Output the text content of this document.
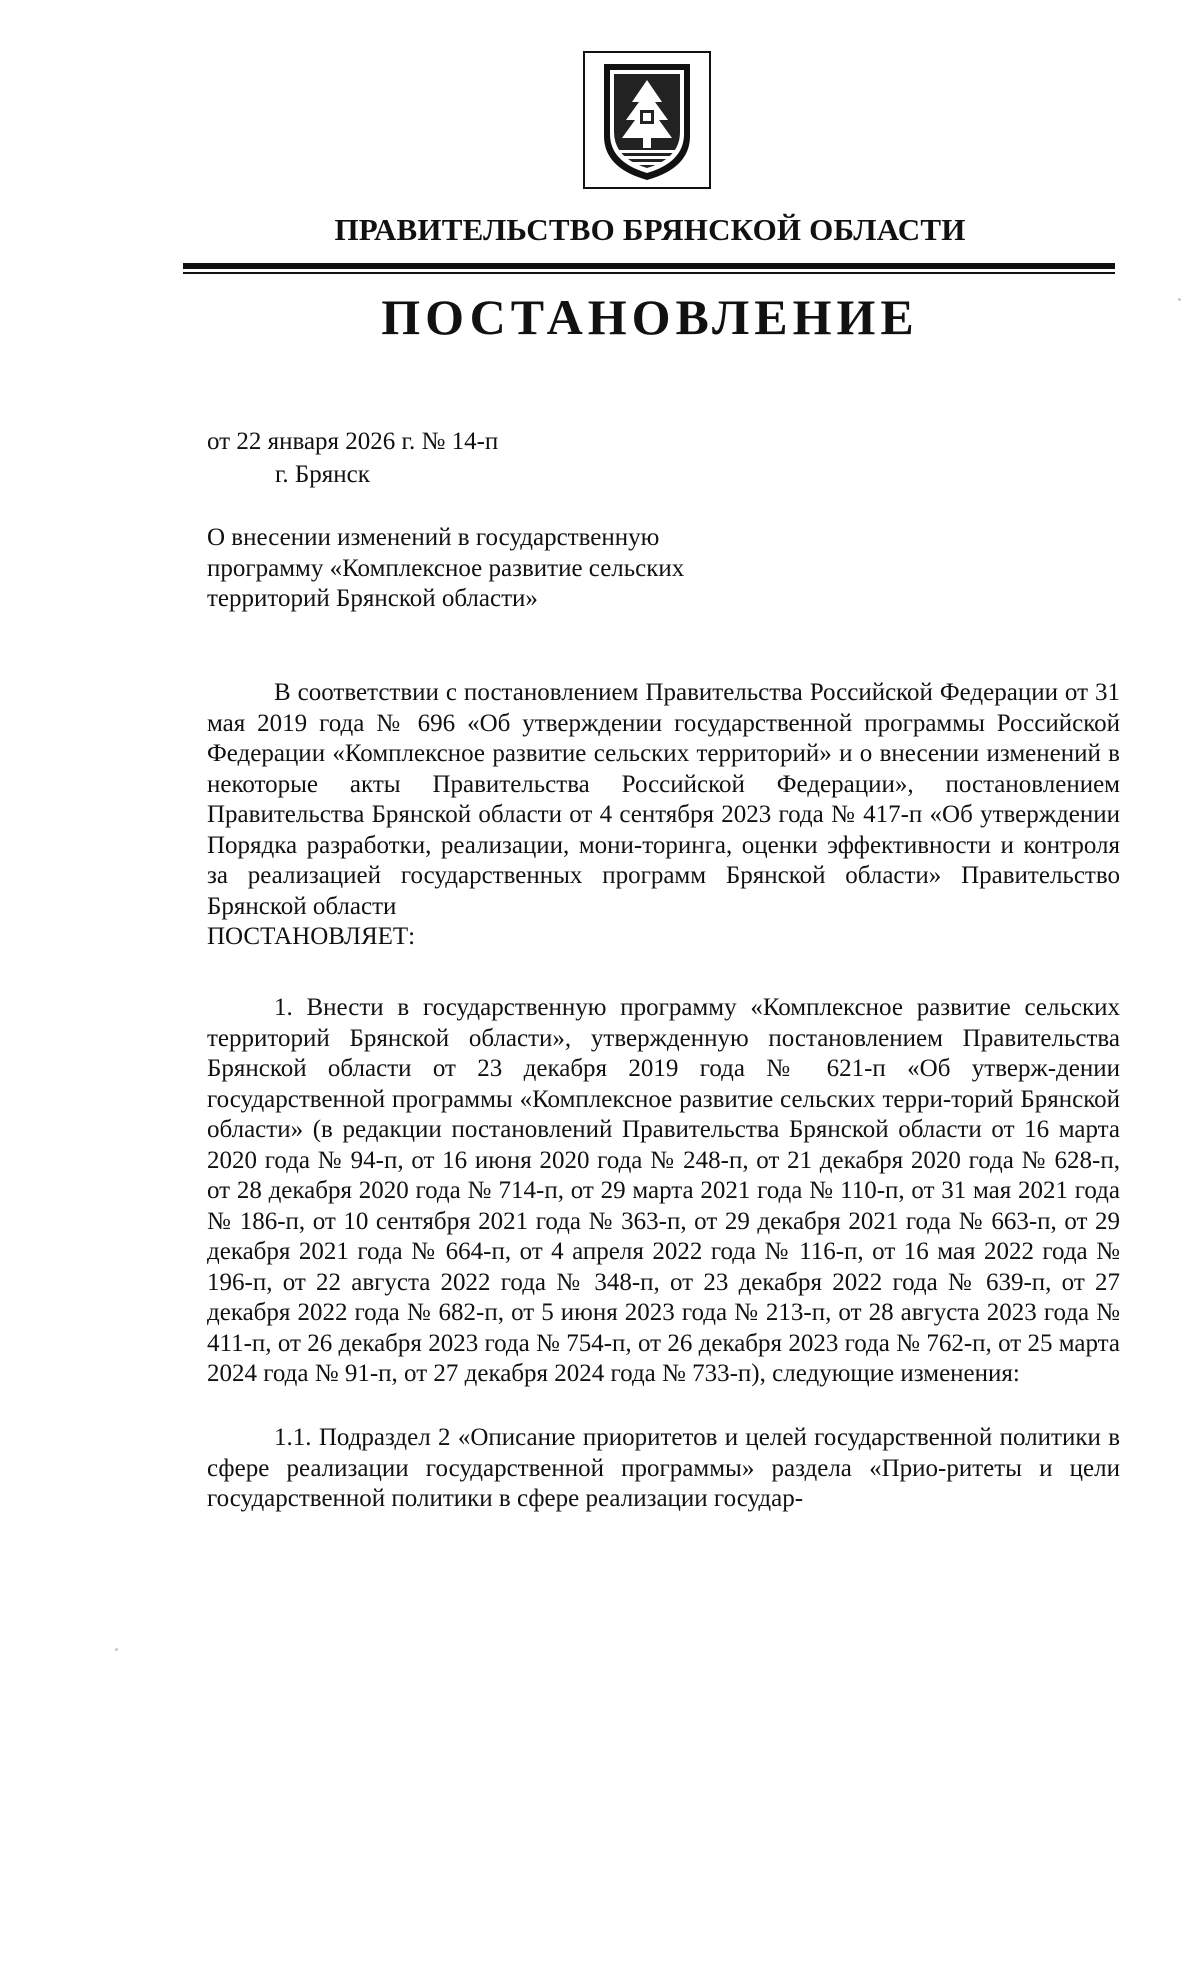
ПРАВИТЕЛЬСТВО БРЯНСКОЙ ОБЛАСТИ
ПОСТАНОВЛЕНИЕ
от 22 января 2026 г. № 14-п
г. Брянск
О внесении изменений в государственную программу «Комплексное развитие сельских территорий Брянской области»
В соответствии с постановлением Правительства Российской Федерации от 31 мая 2019 года № 696 «Об утверждении государственной программы Российской Федерации «Комплексное развитие сельских территорий» и о внесении изменений в некоторые акты Правительства Российской Федерации», постановлением Правительства Брянской области от 4 сентября 2023 года № 417-п «Об утверждении Порядка разработки, реализации, мони-торинга, оценки эффективности и контроля за реализацией государственных программ Брянской области» Правительство Брянской области
ПОСТАНОВЛЯЕТ:
1. Внести в государственную программу «Комплексное развитие сельских территорий Брянской области», утвержденную постановлением Правительства Брянской области от 23 декабря 2019 года № 621-п «Об утверж-дении государственной программы «Комплексное развитие сельских терри-торий Брянской области» (в редакции постановлений Правительства Брянской области от 16 марта 2020 года № 94-п, от 16 июня 2020 года № 248-п, от 21 декабря 2020 года № 628-п, от 28 декабря 2020 года № 714-п, от 29 марта 2021 года № 110-п, от 31 мая 2021 года № 186-п, от 10 сентября 2021 года № 363-п, от 29 декабря 2021 года № 663-п, от 29 декабря 2021 года № 664-п, от 4 апреля 2022 года № 116-п, от 16 мая 2022 года № 196-п, от 22 августа 2022 года № 348-п, от 23 декабря 2022 года № 639-п, от 27 декабря 2022 года № 682-п, от 5 июня 2023 года № 213-п, от 28 августа 2023 года № 411-п, от 26 декабря 2023 года № 754-п, от 26 декабря 2023 года № 762-п, от 25 марта 2024 года № 91-п, от 27 декабря 2024 года № 733-п), следующие изменения:
1.1. Подраздел 2 «Описание приоритетов и целей государственной политики в сфере реализации государственной программы» раздела «Прио-ритеты и цели государственной политики в сфере реализации государ-
